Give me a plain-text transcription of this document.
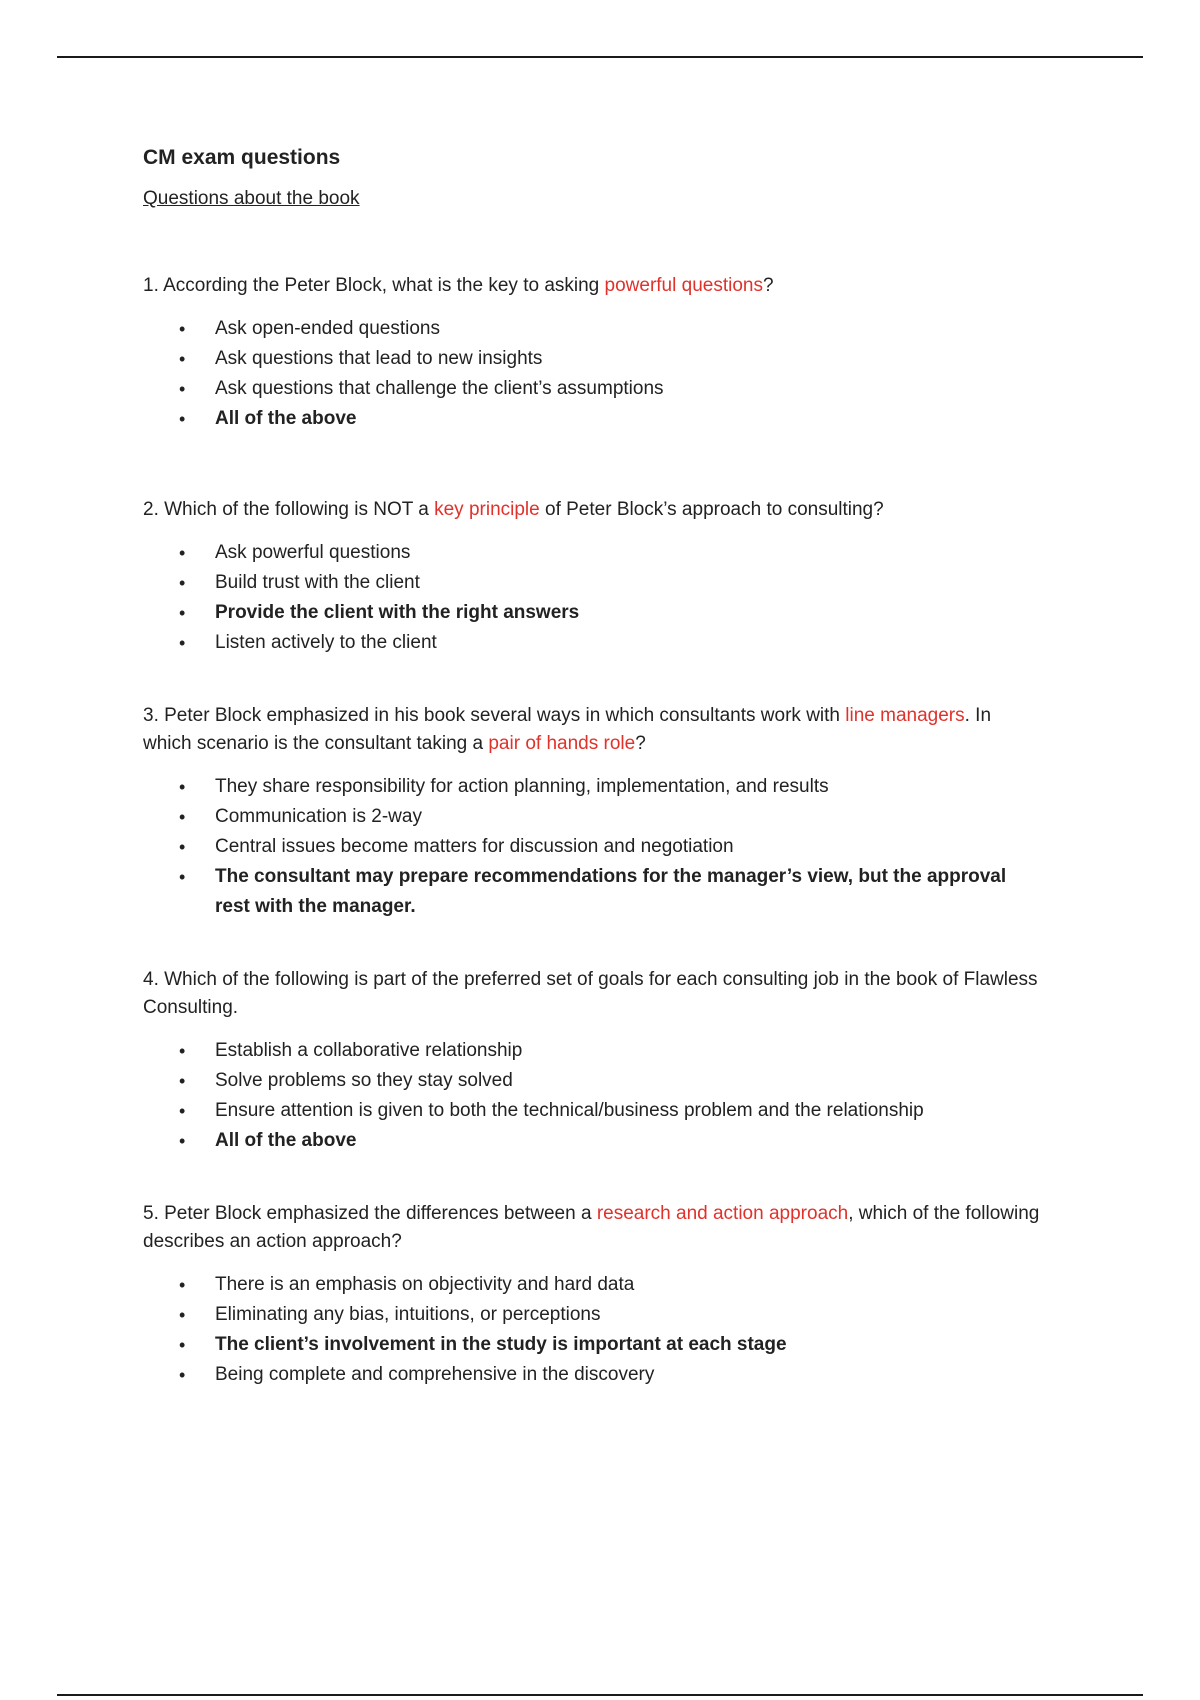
CM exam questions

Questions about the book

1. According the Peter Block, what is the key to asking powerful questions?

• Ask open-ended questions
• Ask questions that lead to new insights
• Ask questions that challenge the client’s assumptions
• All of the above

2. Which of the following is NOT a key principle of Peter Block’s approach to consulting?

• Ask powerful questions
• Build trust with the client
• Provide the client with the right answers
• Listen actively to the client

3. Peter Block emphasized in his book several ways in which consultants work with line managers. In which scenario is the consultant taking a pair of hands role?

• They share responsibility for action planning, implementation, and results
• Communication is 2-way
• Central issues become matters for discussion and negotiation
• The consultant may prepare recommendations for the manager’s view, but the approval rest with the manager.

4. Which of the following is part of the preferred set of goals for each consulting job in the book of Flawless Consulting.

• Establish a collaborative relationship
• Solve problems so they stay solved
• Ensure attention is given to both the technical/business problem and the relationship
• All of the above

5. Peter Block emphasized the differences between a research and action approach, which of the following describes an action approach?

• There is an emphasis on objectivity and hard data
• Eliminating any bias, intuitions, or perceptions
• The client’s involvement in the study is important at each stage
• Being complete and comprehensive in the discovery
